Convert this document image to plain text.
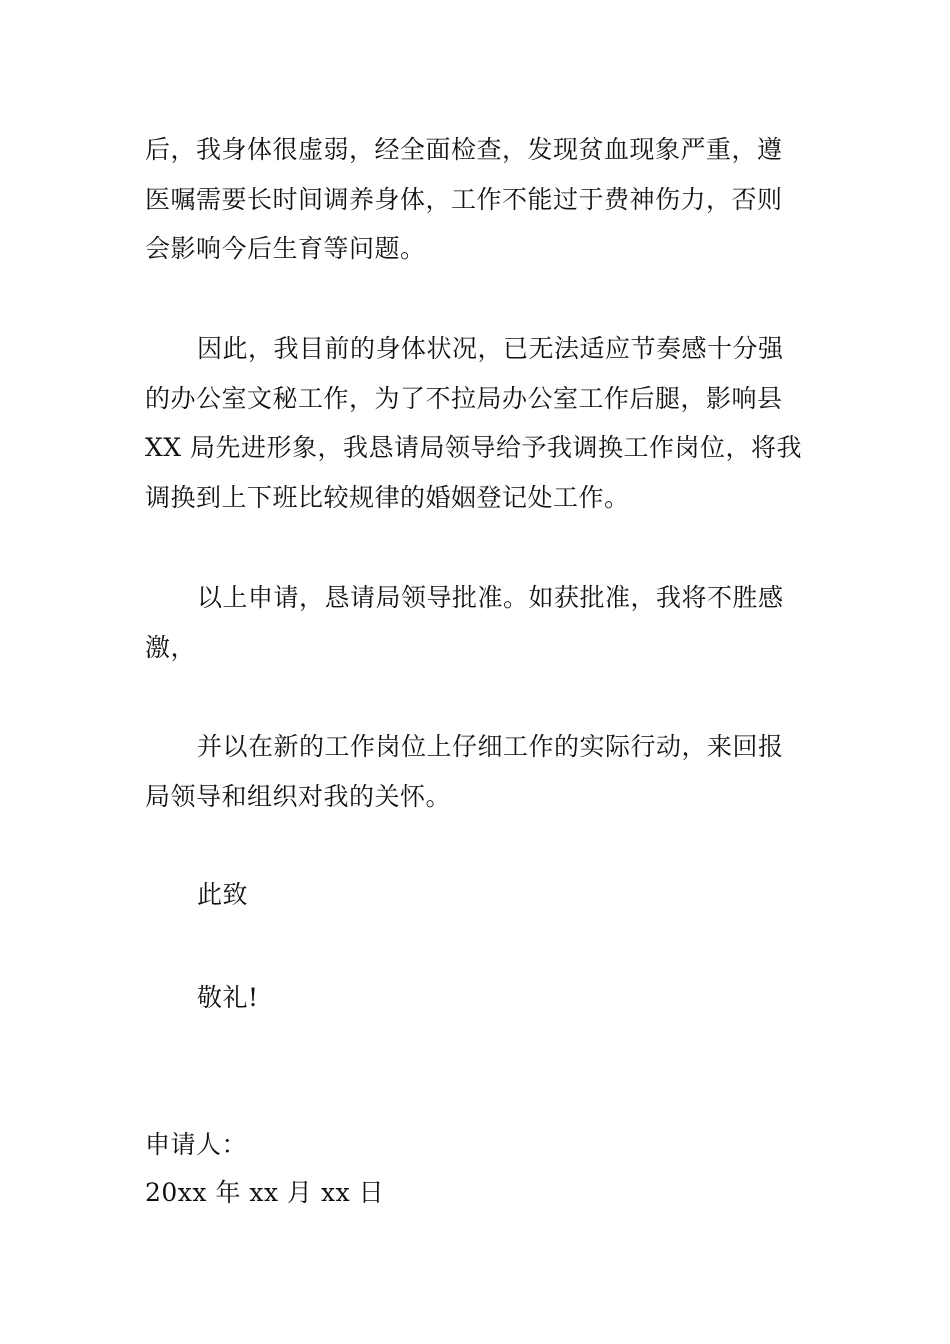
后，我身体很虚弱，经全面检查，发现贫血现象严重，遵
医嘱需要长时间调养身体，工作不能过于费神伤力，否则
会影响今后生育等问题。
因此，我目前的身体状况，已无法适应节奏感十分强
的办公室文秘工作，为了不拉局办公室工作后腿，影响县
XX 局先进形象，我恳请局领导给予我调换工作岗位，将我
调换到上下班比较规律的婚姻登记处工作。
以上申请，恳请局领导批准。如获批准，我将不胜感
激，
并以在新的工作岗位上仔细工作的实际行动，来回报
局领导和组织对我的关怀。
此致
敬礼!
申请人：
20xx 年 xx 月 xx 日
